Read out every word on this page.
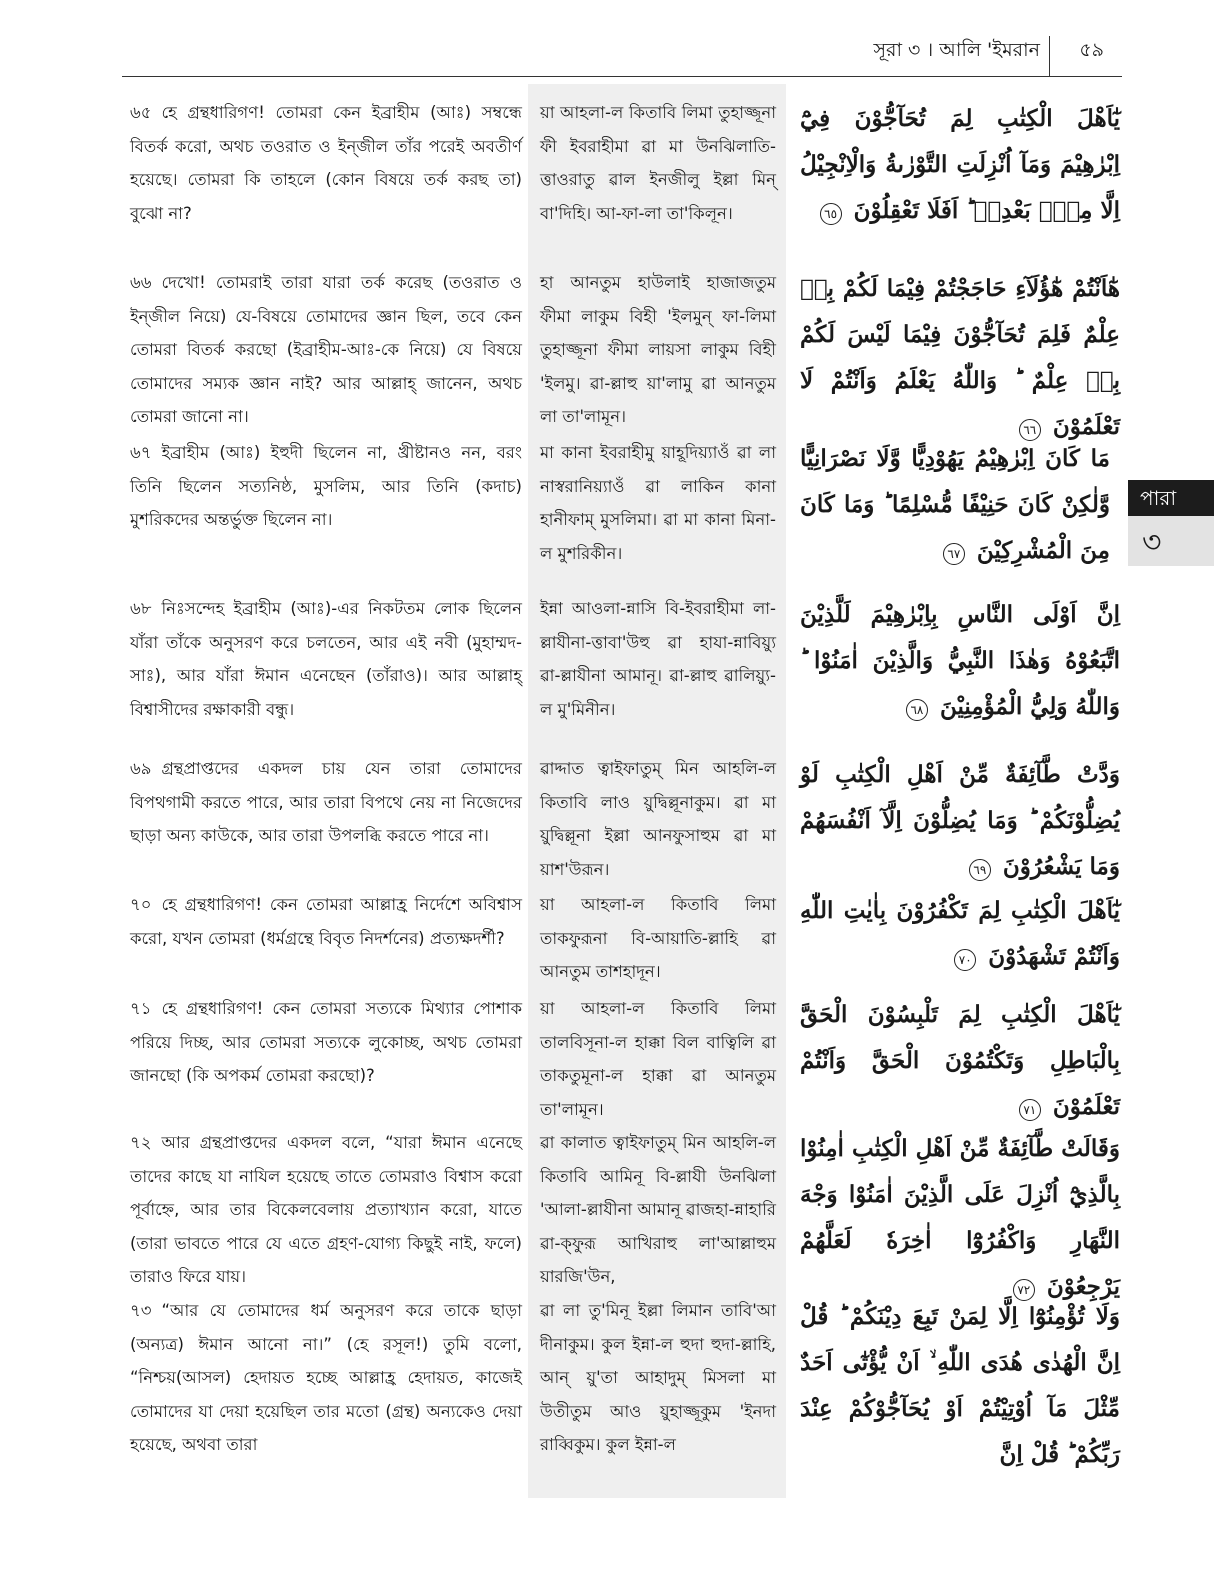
সূরা ৩ । আলি 'ইমরান ৫৯
পারা
৩
৬৫ হে গ্রন্থধারিগণ! তোমরা কেন ইব্রাহীম (আঃ) সম্বন্ধে বিতর্ক করো, অথচ তওরাত ও ইন্জীল তাঁর পরেই অবতীর্ণ হয়েছে। তোমরা কি তাহলে (কোন বিষয়ে তর্ক করছ তা) বুঝো না?
য়া আহলা-ল কিতাবি লিমা তুহাজ্জূনা ফী ইবরাহীমা ৱা মা উনঝিলাতি-ত্তাওরাতু ৱাল ইনজীলু ইল্লা মিন্ বা'দিহি। আ-ফা-লা তা'কিলূন।
يٰٓاَهْلَ الْكِتٰبِ لِمَ تُحَآجُّوْنَ فِيْٓ اِبْرٰهِيْمَ وَمَآ اُنْزِلَتِ التَّوْرٰىةُ وَالْاِنْجِيْلُ اِلَّا مِنْۢ بَعْدِهٖ ؕ اَفَلَا تَعْقِلُوْنَ ٦٥
৬৬ দেখো! তোমরাই তারা যারা তর্ক করেছ (তওরাত ও ইন্জীল নিয়ে) যে-বিষয়ে তোমাদের জ্ঞান ছিল, তবে কেন তোমরা বিতর্ক করছো (ইব্রাহীম-আঃ-কে নিয়ে) যে বিষয়ে তোমাদের সম্যক জ্ঞান নাই? আর আল্লাহ্ জানেন, অথচ তোমরা জানো না।
হা আনতুম হাউলাই হাজাজতুম ফীমা লাকুম বিহী 'ইলমুন্ ফা-লিমা তুহাজ্জূনা ফীমা লায়সা লাকুম বিহী 'ইলমু। ৱা-ল্লাহু য়া'লামু ৱা আনতুম লা তা'লামূন।
هٰٓاَنْتُمْ هٰٓؤُلَآءِ حَاجَجْتُمْ فِيْمَا لَكُمْ بِهٖ عِلْمٌ فَلِمَ تُحَآجُّوْنَ فِيْمَا لَيْسَ لَكُمْ بِهٖ عِلْمٌ ؕ وَاللّٰهُ يَعْلَمُ وَاَنْتُمْ لَا تَعْلَمُوْنَ ٦٦
৬৭ ইব্রাহীম (আঃ) ইহুদী ছিলেন না, খ্রীষ্টানও নন, বরং তিনি ছিলেন সত্যনিষ্ঠ, মুসলিম, আর তিনি (কদাচ) মুশরিকদের অন্তর্ভুক্ত ছিলেন না।
মা কানা ইবরাহীমু য়াহূদিয়্যাওঁ ৱা লা নাস্বরানিয়্যাওঁ ৱা লাকিন কানা হানীফাম্ মুসলিমা। ৱা মা কানা মিনা-ল মুশরিকীন।
مَا كَانَ اِبْرٰهِيْمُ يَهُوْدِيًّا وَّلَا نَصْرَانِيًّا وَّلٰكِنْ كَانَ حَنِيْفًا مُّسْلِمًا ؕ وَمَا كَانَ مِنَ الْمُشْرِكِيْنَ ٦٧
৬৮ নিঃসন্দেহ ইব্রাহীম (আঃ)-এর নিকটতম লোক ছিলেন যাঁরা তাঁকে অনুসরণ করে চলতেন, আর এই নবী (মুহাম্মদ-সাঃ), আর যাঁরা ঈমান এনেছেন (তাঁরাও)। আর আল্লাহ্ বিশ্বাসীদের রক্ষাকারী বন্ধু।
ইন্না আওলা-ন্নাসি বি-ইবরাহীমা লা-ল্লাযীনা-ত্তাবা'উহু ৱা হাযা-ন্নাবিয়্যু ৱা-ল্লাযীনা আমানূ। ৱা-ল্লাহু ৱালিয়্যু-ল মু'মিনীন।
اِنَّ اَوْلَى النَّاسِ بِاِبْرٰهِيْمَ لَلَّذِيْنَ اتَّبَعُوْهُ وَهٰذَا النَّبِيُّ وَالَّذِيْنَ اٰمَنُوْا ؕ وَاللّٰهُ وَلِيُّ الْمُؤْمِنِيْنَ ٦٨
৬৯ গ্রন্থপ্রাপ্তদের একদল চায় যেন তারা তোমাদের বিপথগামী করতে পারে, আর তারা বিপথে নেয় না নিজেদের ছাড়া অন্য কাউকে, আর তারা উপলব্ধি করতে পারে না।
ৱাদ্দাত ত্বাইফাতুম্ মিন আহলি-ল কিতাবি লাও য়ুদ্বিল্লূনাকুম। ৱা মা য়ুদ্বিল্লূনা ইল্লা আনফুসাহুম ৱা মা য়াশ'উরূন।
وَدَّتْ طَّآئِفَةٌ مِّنْ اَهْلِ الْكِتٰبِ لَوْ يُضِلُّوْنَكُمْ ؕ وَمَا يُضِلُّوْنَ اِلَّآ اَنْفُسَهُمْ وَمَا يَشْعُرُوْنَ ٦٩
৭০ হে গ্রন্থধারিগণ! কেন তোমরা আল্লাহ্র নির্দেশে অবিশ্বাস করো, যখন তোমরা (ধর্মগ্রন্থে বিবৃত নিদর্শনের) প্রত্যক্ষদর্শী?
য়া আহলা-ল কিতাবি লিমা তাকফুরূনা বি-আয়াতি-ল্লাহি ৱা আনতুম তাশহাদূন।
يٰٓاَهْلَ الْكِتٰبِ لِمَ تَكْفُرُوْنَ بِاٰيٰتِ اللّٰهِ وَاَنْتُمْ تَشْهَدُوْنَ ٧٠
৭১ হে গ্রন্থধারিগণ! কেন তোমরা সত্যকে মিথ্যার পোশাক পরিয়ে দিচ্ছ, আর তোমরা সত্যকে লুকোচ্ছ, অথচ তোমরা জানছো (কি অপকর্ম তোমরা করছো)?
য়া আহলা-ল কিতাবি লিমা তালবিসূনা-ল হাক্কা বিল বাত্বিলি ৱা তাকতুমূনা-ল হাক্কা ৱা আনতুম তা'লামূন।
يٰٓاَهْلَ الْكِتٰبِ لِمَ تَلْبِسُوْنَ الْحَقَّ بِالْبَاطِلِ وَتَكْتُمُوْنَ الْحَقَّ وَاَنْتُمْ تَعْلَمُوْنَ ٧١
৭২ আর গ্রন্থপ্রাপ্তদের একদল বলে, “যারা ঈমান এনেছে তাদের কাছে যা নাযিল হয়েছে তাতে তোমরাও বিশ্বাস করো পূর্বাহ্নে, আর তার বিকেলবেলায় প্রত্যাখ্যান করো, যাতে (তারা ভাবতে পারে যে এতে গ্রহণ-যোগ্য কিছুই নাই, ফলে) তারাও ফিরে যায়।
ৱা কালাত ত্বাইফাতুম্ মিন আহলি-ল কিতাবি আমিনূ বি-ল্লাযী উনঝিলা 'আলা-ল্লাযীনা আমানূ ৱাজহা-ন্নাহারি ৱা-ক্ফুরূ আখিরাহু লা'আল্লাহুম য়ারজি'উন,
وَقَالَتْ طَّآئِفَةٌ مِّنْ اَهْلِ الْكِتٰبِ اٰمِنُوْا بِالَّذِيْٓ اُنْزِلَ عَلَى الَّذِيْنَ اٰمَنُوْا وَجْهَ النَّهَارِ وَاكْفُرُوْٓا اٰخِرَهٗ لَعَلَّهُمْ يَرْجِعُوْنَ ٧٢
৭৩ “আর যে তোমাদের ধর্ম অনুসরণ করে তাকে ছাড়া (অন্যত্র) ঈমান আনো না।” (হে রসূল!) তুমি বলো, “নিশ্চয়(আসল) হেদায়ত হচ্ছে আল্লাহ্র হেদায়ত, কাজেই তোমাদের যা দেয়া হয়েছিল তার মতো (গ্রন্থ) অন্যকেও দেয়া হয়েছে, অথবা তারা
ৱা লা তু'মিনূ ইল্লা লিমান তাবি'আ দীনাকুম। কুল ইন্না-ল হুদা হুদা-ল্লাহি, আন্ য়ু'তা আহাদুম্ মিসলা মা উতীতুম আও য়ুহাজ্জূকুম 'ইনদা রাব্বিকুম। কুল ইন্না-ল
وَلَا تُؤْمِنُوْٓا اِلَّا لِمَنْ تَبِعَ دِيْنَكُمْ ؕ قُلْ اِنَّ الْهُدٰى هُدَى اللّٰهِ ۙ اَنْ يُّؤْتٰٓى اَحَدٌ مِّثْلَ مَآ اُوْتِيْتُمْ اَوْ يُحَآجُّوْكُمْ عِنْدَ رَبِّكُمْ ؕ قُلْ اِنَّ
